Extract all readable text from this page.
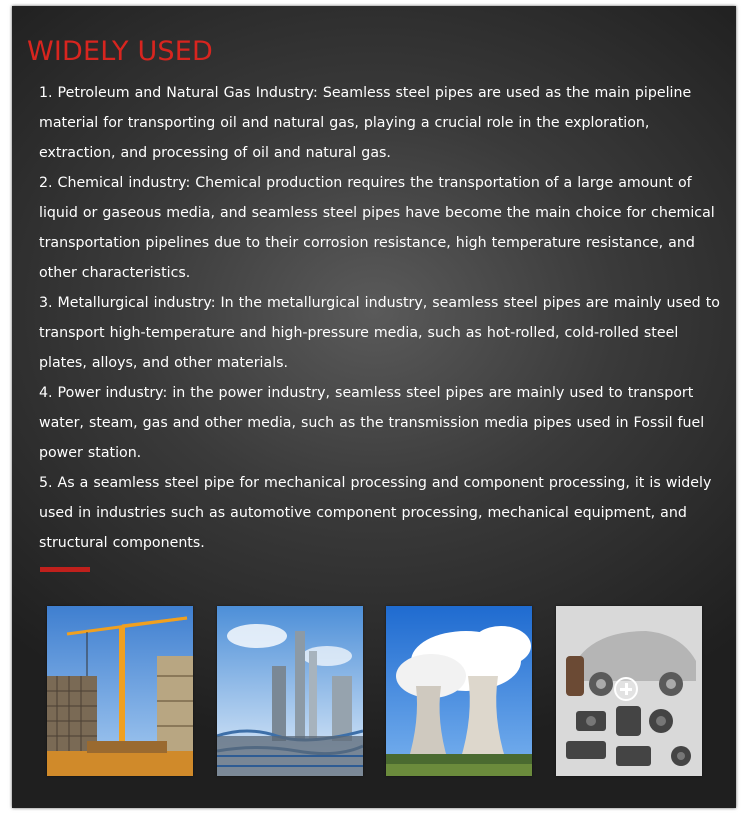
WIDELY USED
1. Petroleum and Natural Gas Industry: Seamless steel pipes are used as the main pipeline material for transporting oil and natural gas, playing a crucial role in the exploration, extraction, and processing of oil and natural gas.
2. Chemical industry: Chemical production requires the transportation of a large amount of liquid or gaseous media, and seamless steel pipes have become the main choice for chemical transportation pipelines due to their corrosion resistance, high temperature resistance, and other characteristics.
3. Metallurgical industry: In the metallurgical industry, seamless steel pipes are mainly used to transport high-temperature and high-pressure media, such as hot-rolled, cold-rolled steel plates, alloys, and other materials.
4. Power industry: in the power industry, seamless steel pipes are mainly used to transport water, steam, gas and other media, such as the transmission media pipes used in Fossil fuel power station.
5. As a seamless steel pipe for mechanical processing and component processing, it is widely used in industries such as automotive component processing, mechanical equipment, and structural components.
